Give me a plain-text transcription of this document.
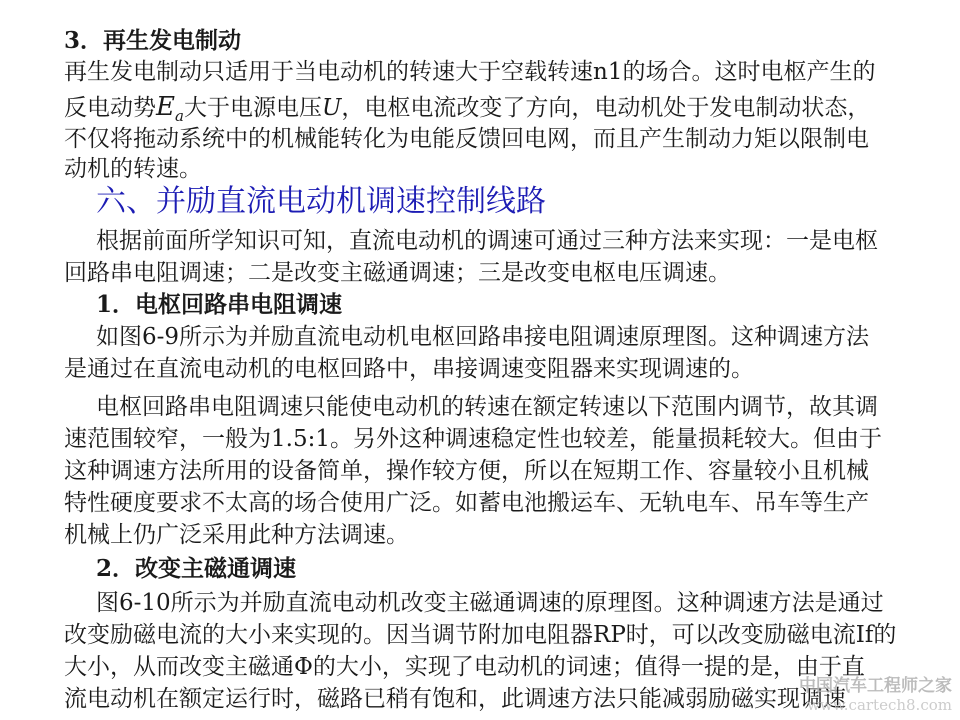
3．再生发电制动
再生发电制动只适用于当电动机的转速大于空载转速n1的场合。这时电枢产生的
反电动势$E_a$大于电源电压U，电枢电流改变了方向，电动机处于发电制动状态，
不仅将拖动系统中的机械能转化为电能反馈回电网，而且产生制动力矩以限制电
动机的转速。
六、并励直流电动机调速控制线路
根据前面所学知识可知，直流电动机的调速可通过三种方法来实现：一是电枢
回路串电阻调速；二是改变主磁通调速；三是改变电枢电压调速。
1．电枢回路串电阻调速
如图6-9所示为并励直流电动机电枢回路串接电阻调速原理图。这种调速方法
是通过在直流电动机的电枢回路中，串接调速变阻器来实现调速的。
电枢回路串电阻调速只能使电动机的转速在额定转速以下范围内调节，故其调
速范围较窄，一般为1.5:1。另外这种调速稳定性也较差，能量损耗较大。但由于
这种调速方法所用的设备简单，操作较方便，所以在短期工作、容量较小且机械
特性硬度要求不太高的场合使用广泛。如蓄电池搬运车、无轨电车、吊车等生产
机械上仍广泛采用此种方法调速。
2．改变主磁通调速
图6-10所示为并励直流电动机改变主磁通调速的原理图。这种调速方法是通过
改变励磁电流的大小来实现的。因当调节附加电阻器RP时，可以改变励磁电流If的
大小，从而改变主磁通Φ的大小，实现了电动机的词速；值得一提的是，由于直
流电动机在额定运行时，磁路已稍有饱和，此调速方法只能减弱励磁实现调速
中国汽车工程师之家
www.cartech8.com
